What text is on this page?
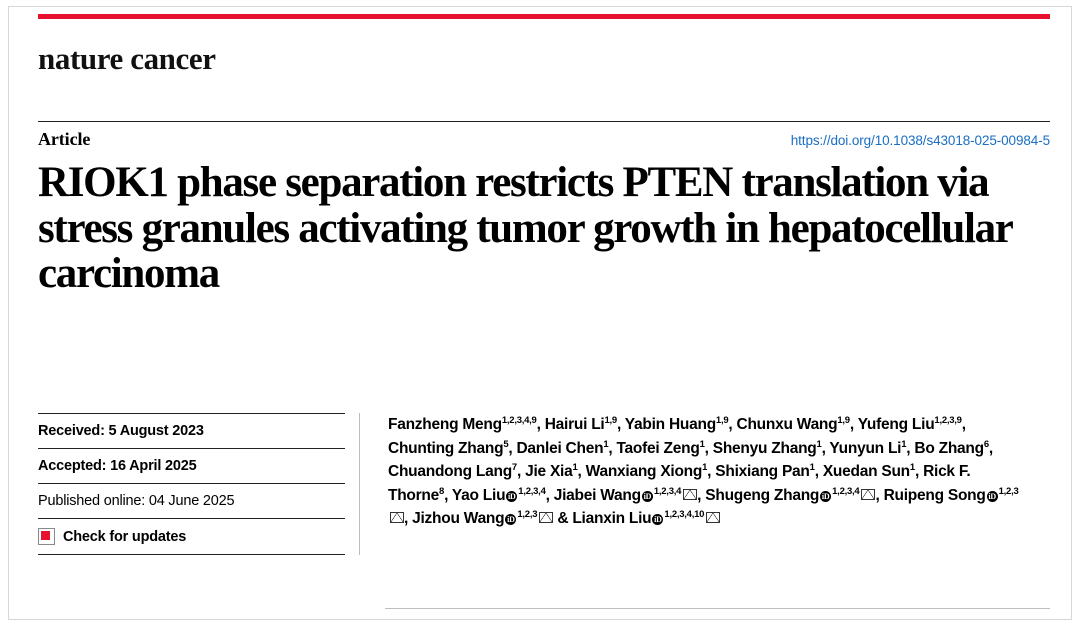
nature cancer
Article	https://doi.org/10.1038/s43018-025-00984-5
RIOK1 phase separation restricts PTEN translation via stress granules activating tumor growth in hepatocellular carcinoma
Received: 5 August 2023
Accepted: 16 April 2025
Published online: 04 June 2025
Check for updates
Fanzheng Meng$^{1,2,3,4,9}$, Hairui Li$^{1,9}$, Yabin Huang$^{1,9}$, Chunxu Wang$^{1,9}$, Yufeng Liu$^{1,2,3,9}$, Chunting Zhang$^5$, Danlei Chen$^1$, Taofei Zeng$^1$, Shenyu Zhang$^1$, Yunyun Li$^1$, Bo Zhang$^6$, Chuandong Lang$^7$, Jie Xia$^1$, Wanxiang Xiong$^1$, Shixiang Pan$^1$, Xuedan Sun$^1$, Rick F. Thorne$^8$, Yao Liu iD $^{1,2,3,4}$, Jiabei Wang iD $^{1,2,3,4}$ , Shugeng Zhang iD $^{1,2,3,4}$ , Ruipeng Song iD $^{1,2,3}$, Jizhou Wang iD $^{1,2,3}$ & Lianxin Liu iD $^{1,2,3,4,10}$
